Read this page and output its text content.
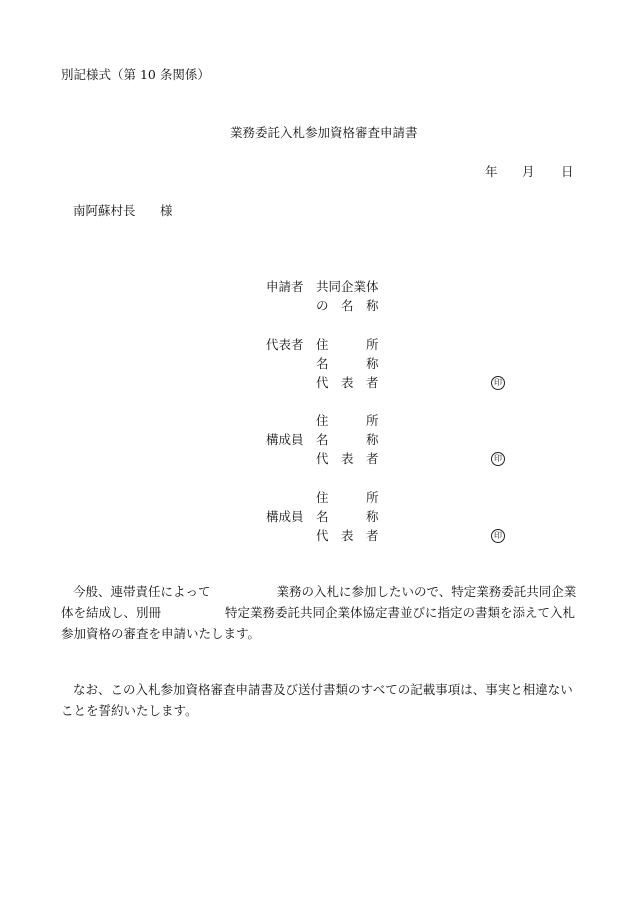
別記様式（第 10 条関係）
業務委託入札参加資格審査申請書
年 月 日
南阿蘇村長 様
申請者 共同企業体
の 名 称
代表者 住	所
名	称
代 表 者	印
住	所
構成員 名	称
代 表 者	印
住	所
構成員 名	称
代 表 者	印
今般、連帯責任によって	業務の入札に参加したいので、特定業務委託共同企業
体を結成し、別冊	特定業務委託共同企業体協定書並びに指定の書類を添えて入札
参加資格の審査を申請いたします。
なお、この入札参加資格審査申請書及び送付書類のすべての記載事項は、事実と相違ない
ことを誓約いたします。
